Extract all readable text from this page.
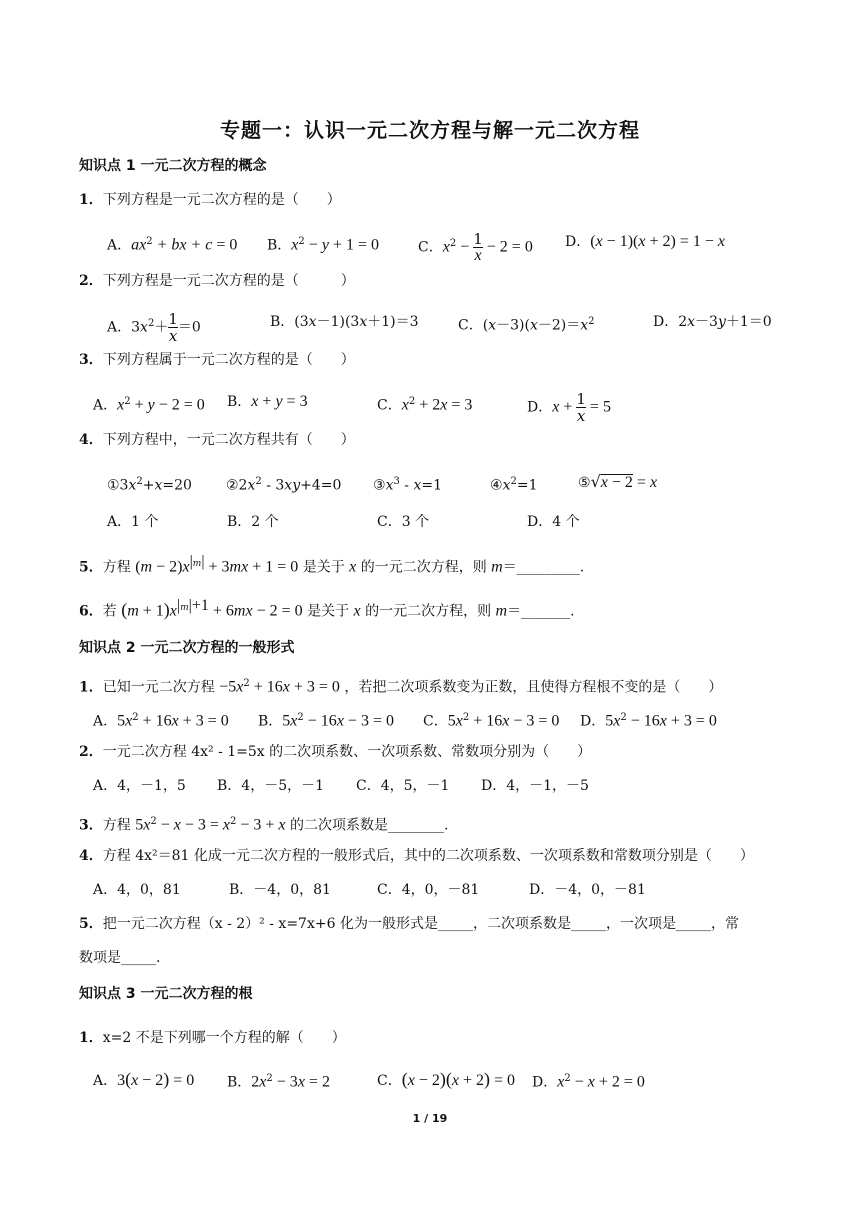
专题一：认识一元二次方程与解一元二次方程
知识点 1 一元二次方程的概念
1．下列方程是一元二次方程的是（　　）
A．$ax^2$ + bx + c = 0 B．$x^2 - y + 1 = 0$	C．$x^2 - \frac{1}{x} - 2 = 0$ D．(x − 1)(x + 2) = 1 − x
2．下列方程是一元二次方程的是（　　　）
A．$3x^2+ \frac{1}{x} =0$	B．(3x－1)(3x＋1)＝3	C．$(x-3)(x-2)=x^2$	D．2x－3y＋1＝0
3．下列方程属于一元二次方程的是（　　）
A．$x^2 + y - 2 = 0$ B．x + y = 3	C．$x^2 + 2x = 3$	D．$x + \frac{1}{x} = 5$
4．下列方程中，一元二次方程共有（　　）
$①3x^2+x=20$ $②2x^2 - 3xy+4=0$ $③x^3 - x=1$	$④x^2=1$	⑤√x − 2 = x
A．1 个	B．2 个	C．3 个	D．4 个
5．方程 $(m - 2)x^{|m|} + 3mx + 1 = 0$ 是关于 x 的一元二次方程，则 m＝_________.
6．若 $(m + 1)x^{|m|+1} + 6mx - 2 = 0$ 是关于 x 的一元二次方程，则 m＝_______.
知识点 2 一元二次方程的一般形式
1．已知一元二次方程 $-5x^2 + 16x + 3 = 0$ ，若把二次项系数变为正数，且使得方程根不变的是（　　）
A．$5x^2 + 16x + 3 = 0$ B．$5x^2 - 16x - 3 = 0$ C．$5x^2 + 16x - 3 = 0$ D．$5x^2 - 16x + 3 = 0$
2．一元二次方程 4x² - 1=5x 的二次项系数、一次项系数、常数项分别为（　　）
A．4，－1，5 B．4，－5，－1 C．4，5，－1 D．4，－1，－5
3．方程 $5x^2 - x - 3 = x^2 - 3 + x$ 的二次项系数是________.
4．方程 4x²＝81 化成一元二次方程的一般形式后，其中的二次项系数、一次项系数和常数项分别是（　　）
A．4，0，81	B．－4，0，81	C．4，0，－81	D．－4，0，－81
5．把一元二次方程（x - 2）² - x=7x+6 化为一般形式是_____，二次项系数是_____，一次项是_____，常
数项是_____.
知识点 3 一元二次方程的根
1．x=2 不是下列哪一个方程的解（　　）
A．3(x − 2) = 0 B．$2x^2 - 3x = 2$	C．(x − 2)(x + 2) = 0 D．$x^2 - x + 2 = 0$
1 / 19
